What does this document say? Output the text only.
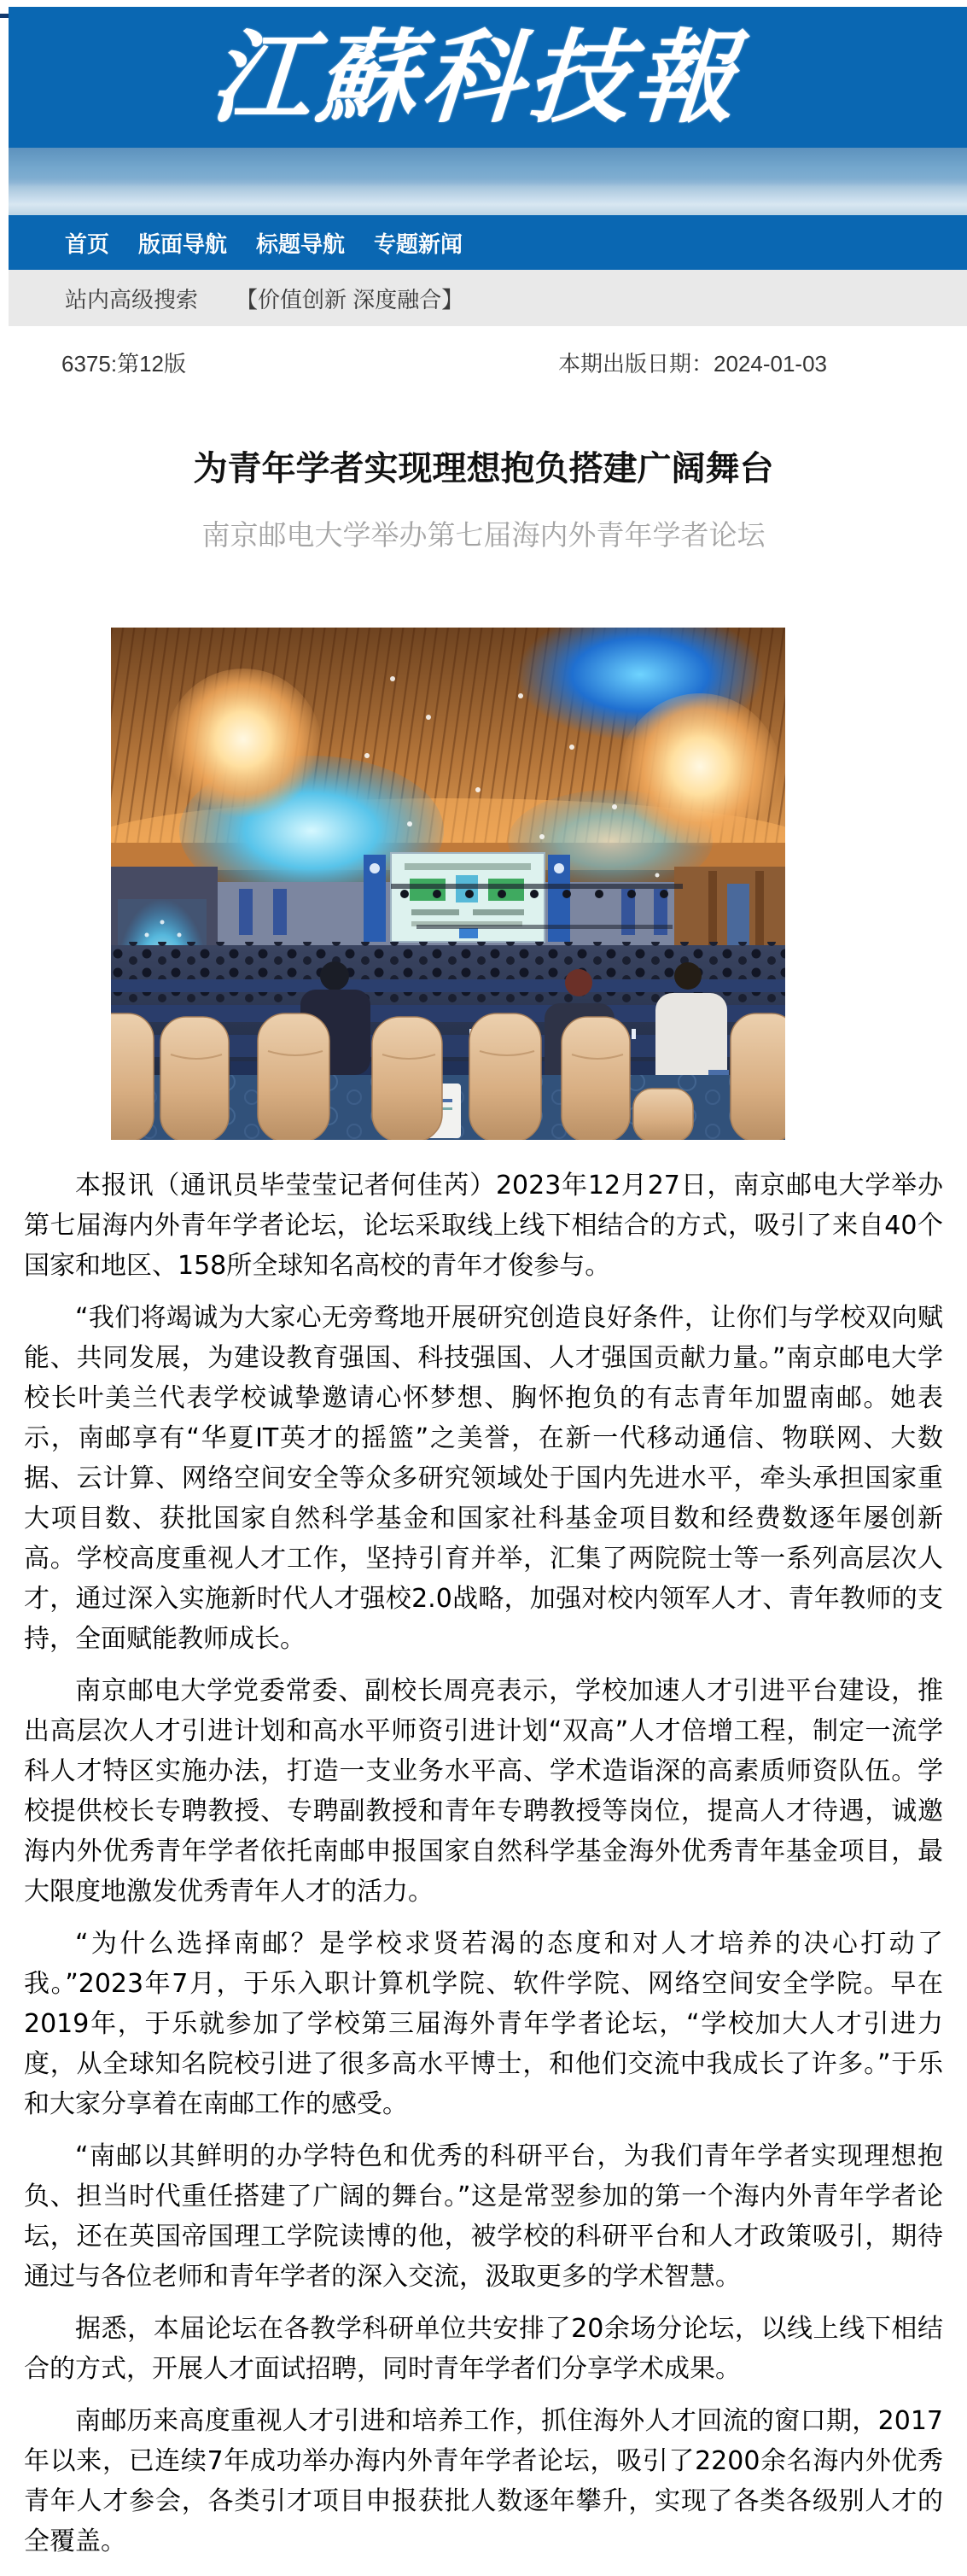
江蘇科技報
首页 版面导航 标题导航 专题新闻
站内高级搜索 【价值创新 深度融合】
6375:第12版	本期出版日期：2024-01-03
为青年学者实现理想抱负搭建广阔舞台
南京邮电大学举办第七届海内外青年学者论坛

本报讯（通讯员毕莹莹记者何佳芮）2023年12月27日，南京邮电大学举办第七届海内外青年学者论坛，论坛采取线上线下相结合的方式，吸引了来自40个国家和地区、158所全球知名高校的青年才俊参与。

“我们将竭诚为大家心无旁骛地开展研究创造良好条件，让你们与学校双向赋能、共同发展，为建设教育强国、科技强国、人才强国贡献力量。”南京邮电大学校长叶美兰代表学校诚挚邀请心怀梦想、胸怀抱负的有志青年加盟南邮。她表示，南邮享有“华夏IT英才的摇篮”之美誉，在新一代移动通信、物联网、大数据、云计算、网络空间安全等众多研究领域处于国内先进水平，牵头承担国家重大项目数、获批国家自然科学基金和国家社科基金项目数和经费数逐年屡创新高。学校高度重视人才工作，坚持引育并举，汇集了两院院士等一系列高层次人才，通过深入实施新时代人才强校2.0战略，加强对校内领军人才、青年教师的支持，全面赋能教师成长。

南京邮电大学党委常委、副校长周亮表示，学校加速人才引进平台建设，推出高层次人才引进计划和高水平师资引进计划“双高”人才倍增工程，制定一流学科人才特区实施办法，打造一支业务水平高、学术造诣深的高素质师资队伍。学校提供校长专聘教授、专聘副教授和青年专聘教授等岗位，提高人才待遇，诚邀海内外优秀青年学者依托南邮申报国家自然科学基金海外优秀青年基金项目，最大限度地激发优秀青年人才的活力。

“为什么选择南邮？是学校求贤若渴的态度和对人才培养的决心打动了我。”2023年7月，于乐入职计算机学院、软件学院、网络空间安全学院。早在2019年，于乐就参加了学校第三届海外青年学者论坛，“学校加大人才引进力度，从全球知名院校引进了很多高水平博士，和他们交流中我成长了许多。”于乐和大家分享着在南邮工作的感受。

“南邮以其鲜明的办学特色和优秀的科研平台，为我们青年学者实现理想抱负、担当时代重任搭建了广阔的舞台。”这是常翌参加的第一个海内外青年学者论坛，还在英国帝国理工学院读博的他，被学校的科研平台和人才政策吸引，期待通过与各位老师和青年学者的深入交流，汲取更多的学术智慧。

据悉，本届论坛在各教学科研单位共安排了20余场分论坛，以线上线下相结合的方式，开展人才面试招聘，同时青年学者们分享学术成果。

南邮历来高度重视人才引进和培养工作，抓住海外人才回流的窗口期，2017年以来，已连续7年成功举办海内外青年学者论坛，吸引了2200余名海内外优秀青年人才参会，各类引才项目申报获批人数逐年攀升，实现了各类各级别人才的全覆盖。
